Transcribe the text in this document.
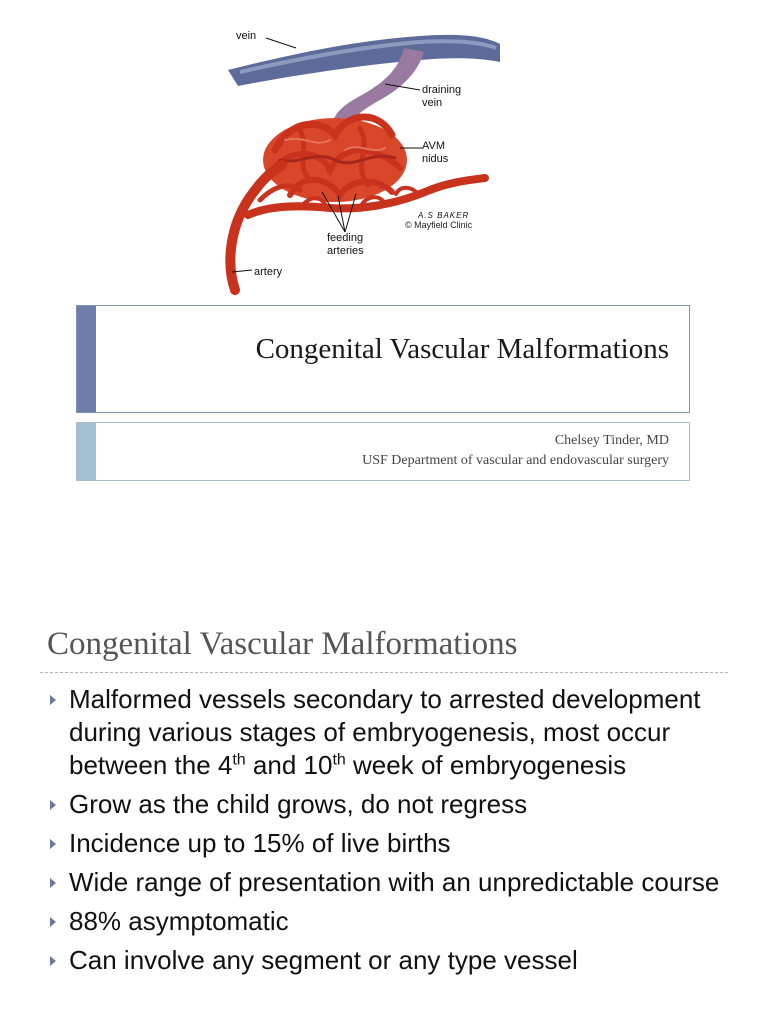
vein
draining
vein
AVM
nidus
feeding
arteries
artery
A.S BAKER
© Mayfield Clinic
Congenital Vascular Malformations
Chelsey Tinder, MD
USF Department of vascular and endovascular surgery
Congenital Vascular Malformations
Malformed vessels secondary to arrested development during various stages of embryogenesis, most occur between the 4th and 10th week of embryogenesis
Grow as the child grows, do not regress
Incidence up to 15% of live births
Wide range of presentation with an unpredictable course
88% asymptomatic
Can involve any segment or any type vessel
